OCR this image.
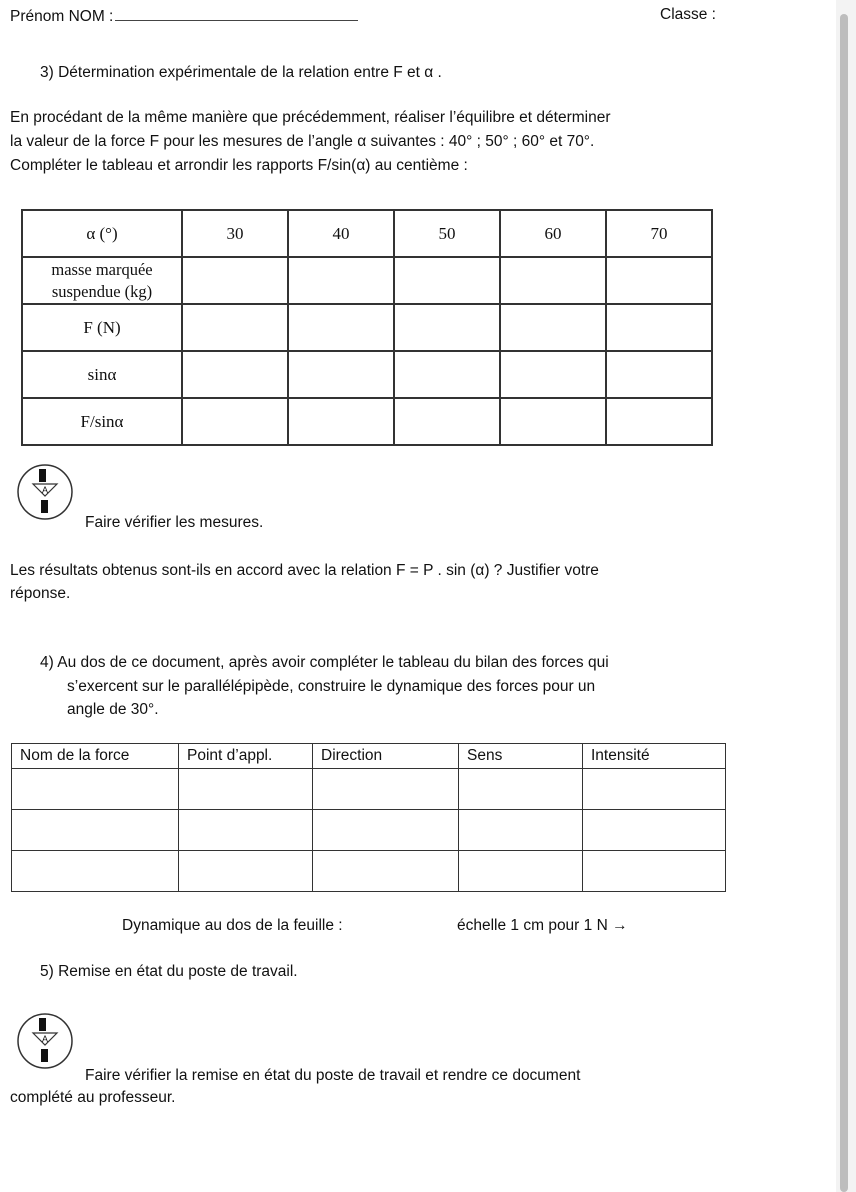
Prénom NOM :	Classe :
3) Détermination expérimentale de la relation entre F et α .
En procédant de la même manière que précédemment, réaliser l’équilibre et déterminer
la valeur de la force F pour les mesures de l’angle α suivantes : 40° ; 50° ; 60° et 70°.
Compléter le tableau et arrondir les rapports F/sin(α) au centième :
α (°)	30	40	50	60	70
masse marquée suspendue (kg)					
F (N)					
sinα					
F/sinα					
A
Faire vérifier les mesures.
Les résultats obtenus sont-ils en accord avec la relation F = P . sin (α) ? Justifier votre
réponse.
4) Au dos de ce document, après avoir compléter le tableau du bilan des forces qui
s’exercent sur le parallélépipède, construire le dynamique des forces pour un
angle de 30°.
Nom de la force	Point d’appl.	Direction	Sens	Intensité

Dynamique au dos de la feuille :	échelle 1 cm pour 1 N →
5) Remise en état du poste de travail.
A
Faire vérifier la remise en état du poste de travail et rendre ce document
complété au professeur.
